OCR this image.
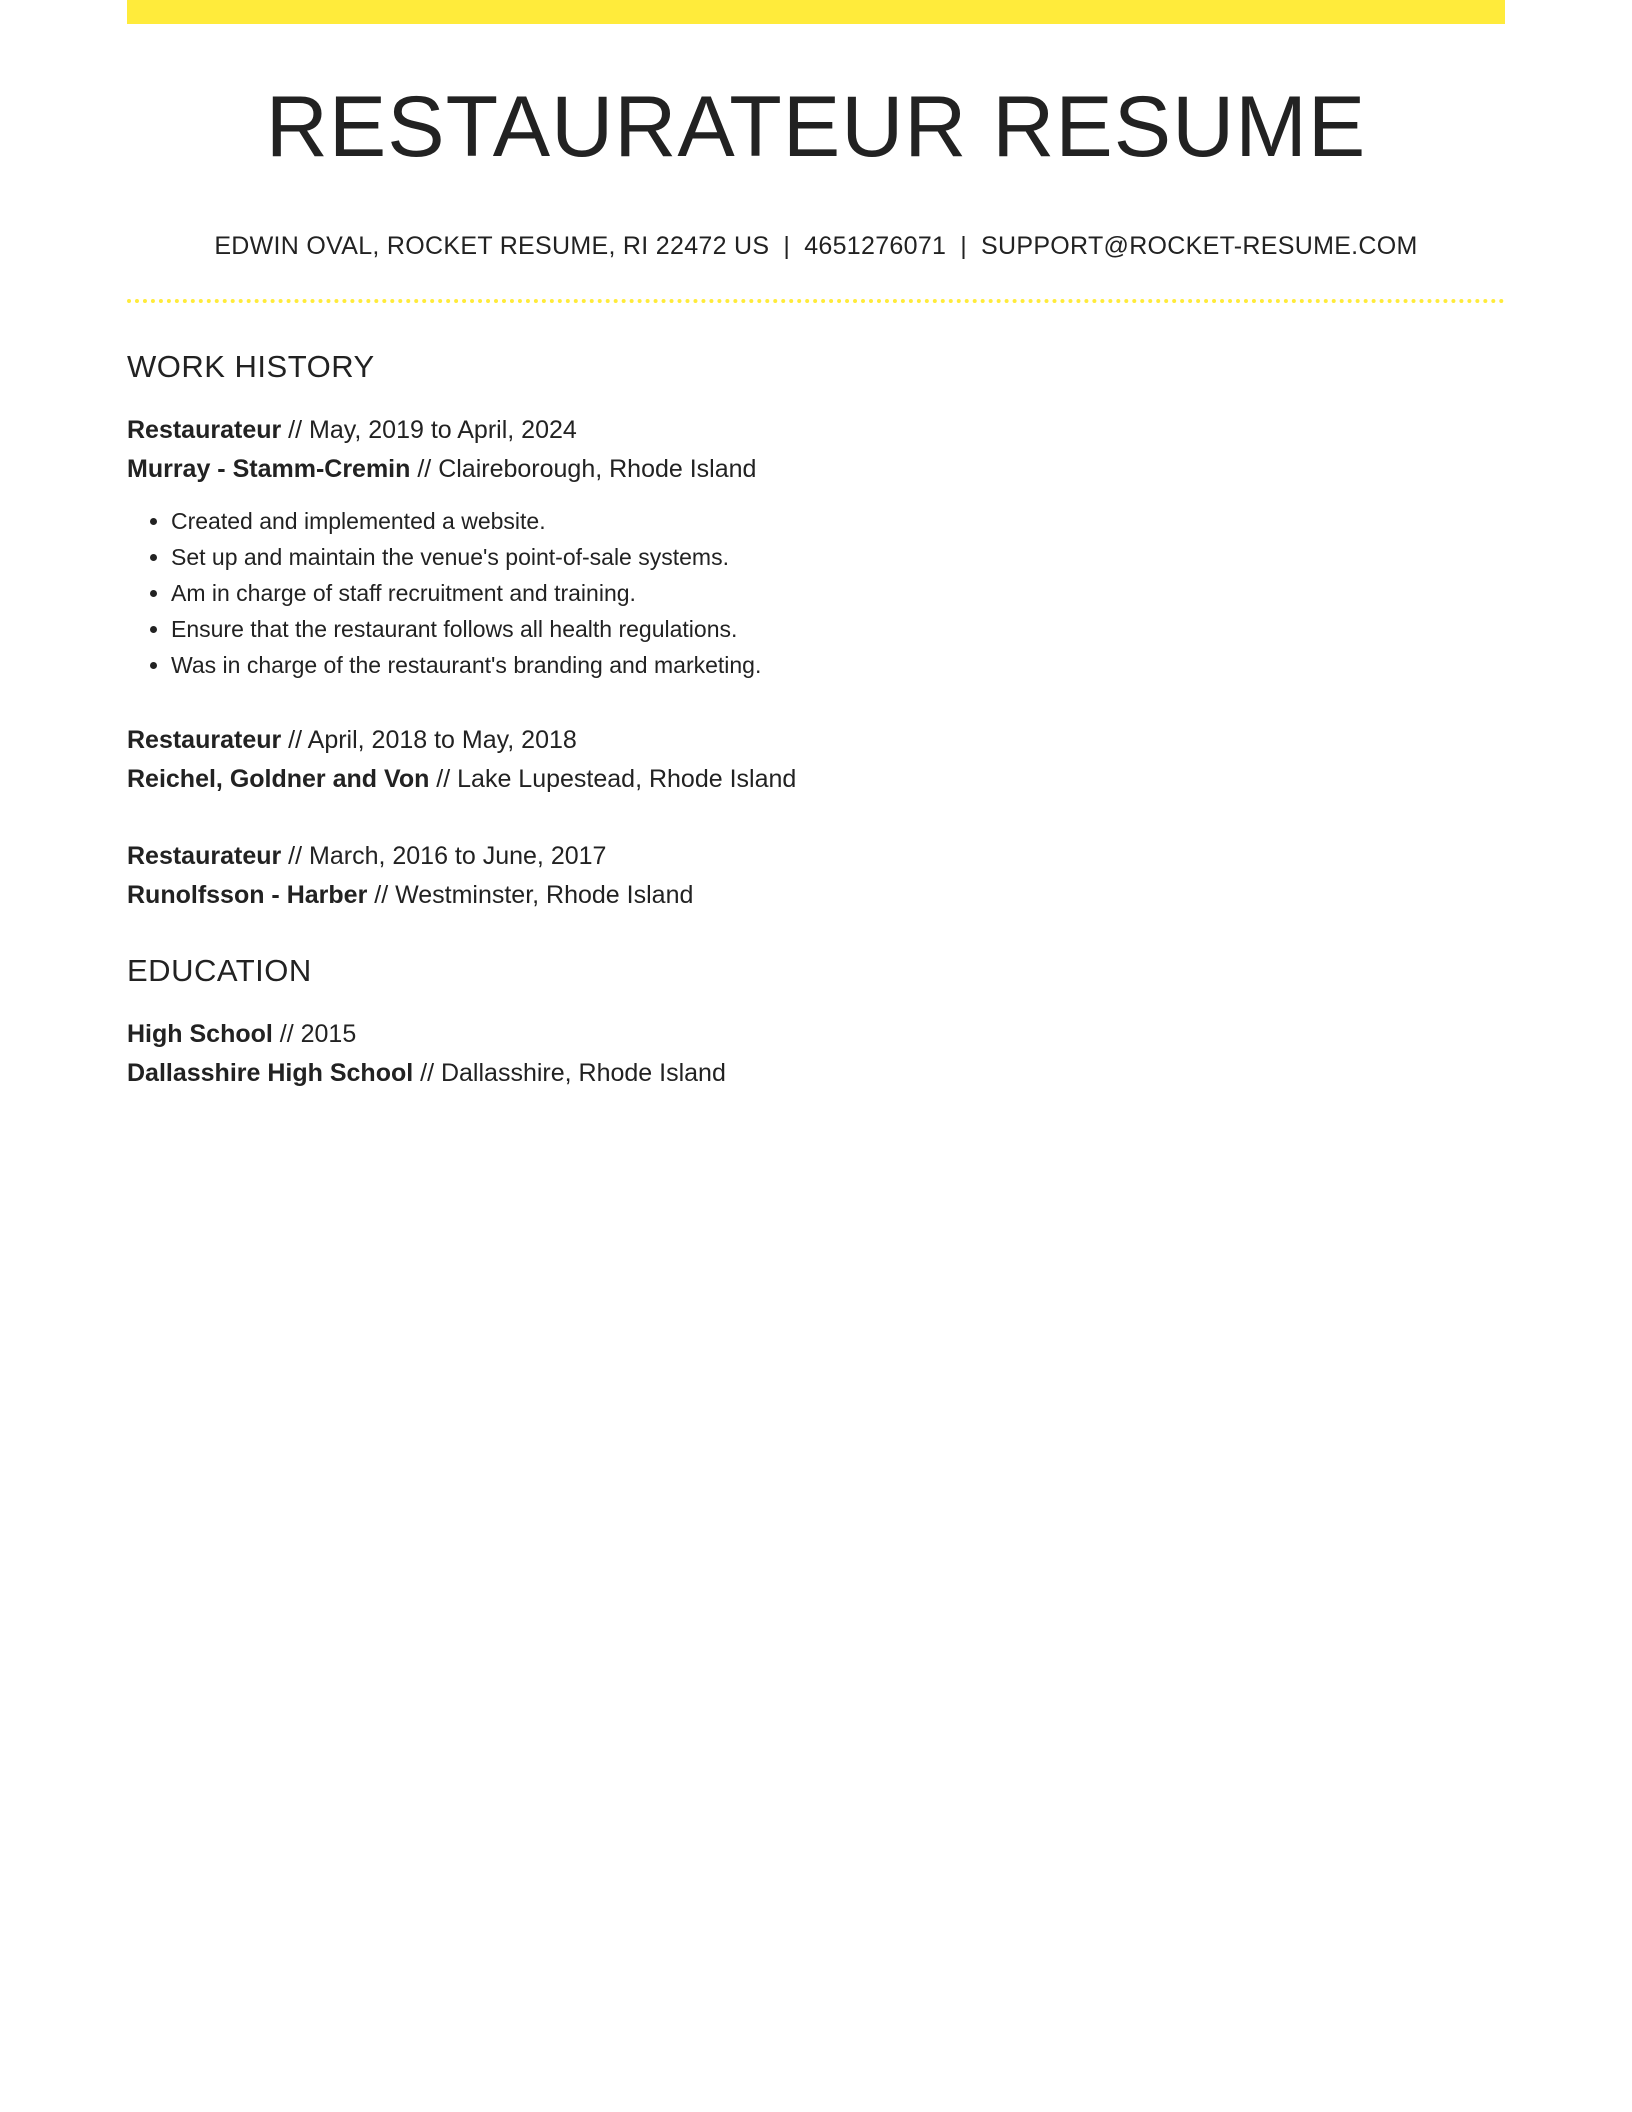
RESTAURATEUR RESUME
EDWIN OVAL, ROCKET RESUME, RI 22472 US | 4651276071 | SUPPORT@ROCKET-RESUME.COM
WORK HISTORY
Restaurateur // May, 2019 to April, 2024
Murray - Stamm-Cremin // Claireborough, Rhode Island
• Created and implemented a website.
• Set up and maintain the venue's point-of-sale systems.
• Am in charge of staff recruitment and training.
• Ensure that the restaurant follows all health regulations.
• Was in charge of the restaurant's branding and marketing.
Restaurateur // April, 2018 to May, 2018
Reichel, Goldner and Von // Lake Lupestead, Rhode Island
Restaurateur // March, 2016 to June, 2017
Runolfsson - Harber // Westminster, Rhode Island
EDUCATION
High School // 2015
Dallasshire High School // Dallasshire, Rhode Island
